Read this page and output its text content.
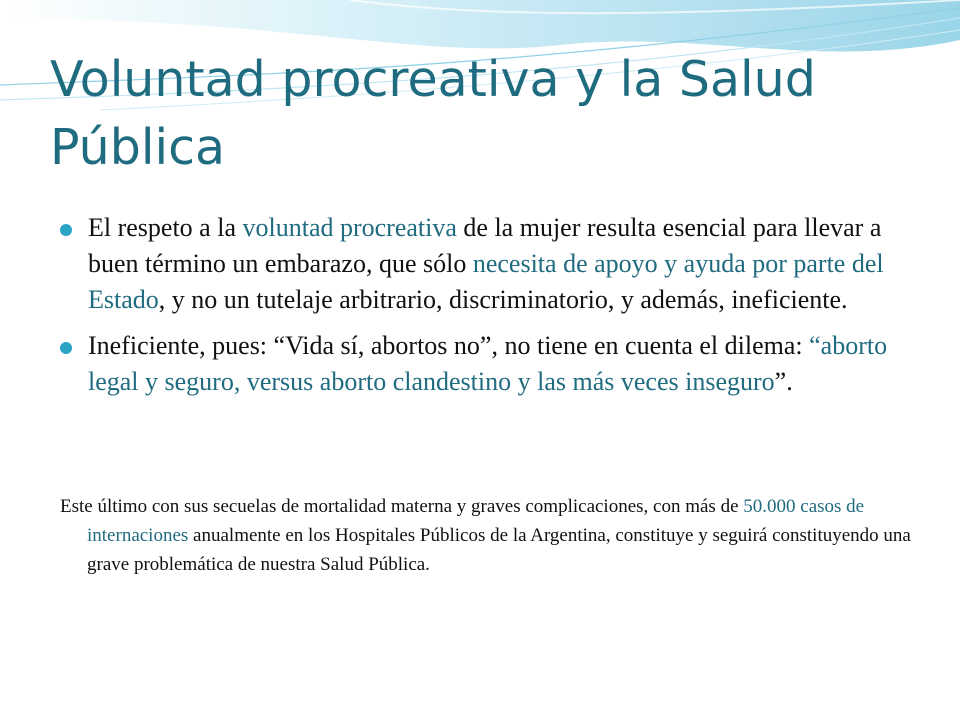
Voluntad procreativa y la Salud Pública
El respeto a la voluntad procreativa de la mujer resulta esencial para llevar a buen término un embarazo, que sólo necesita de apoyo y ayuda por parte del Estado, y no un tutelaje arbitrario, discriminatorio, y además, ineficiente.
Ineficiente, pues: “Vida sí, abortos no”, no tiene en cuenta el dilema: “aborto legal y seguro, versus aborto clandestino y las más veces inseguro”.

Este último con sus secuelas de mortalidad materna y graves complicaciones, con más de 50.000 casos de internaciones anualmente en los Hospitales Públicos de la Argentina, constituye y seguirá constituyendo una grave problemática de nuestra Salud Pública.
